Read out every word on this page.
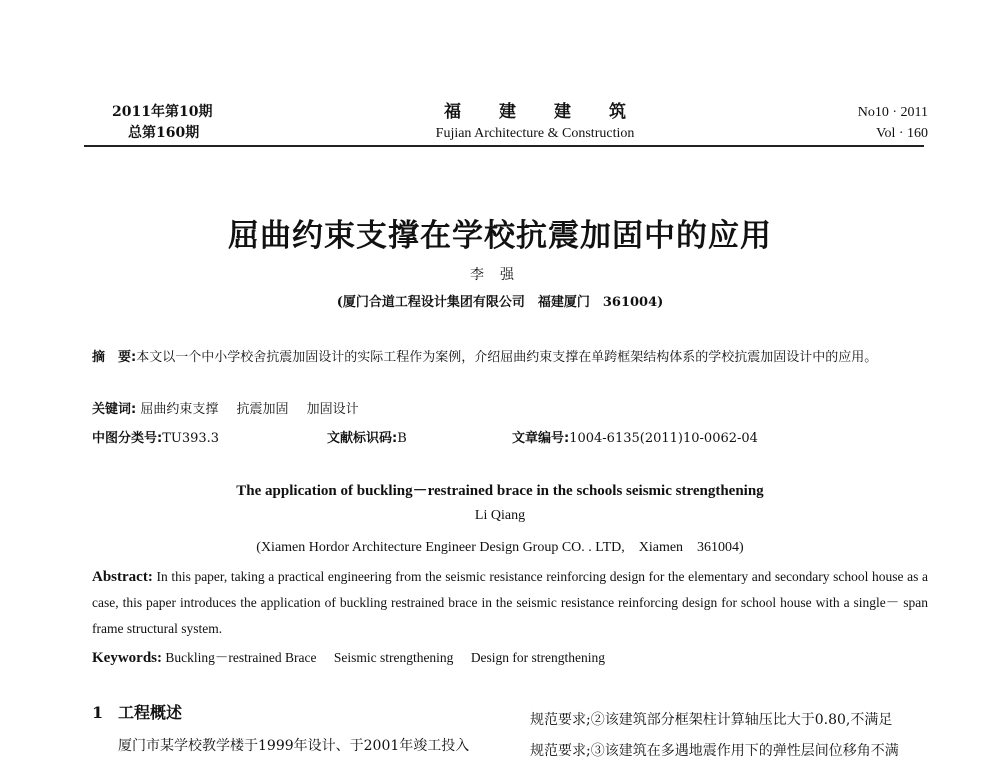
2011年第10期
总第160期
福建建筑
Fujian Architecture & Construction
No10 · 2011
Vol · 160
屈曲约束支撑在学校抗震加固中的应用
李强
(厦门合道工程设计集团有限公司　福建厦门　361004)
摘　要:本文以一个中小学校舍抗震加固设计的实际工程作为案例，介绍屈曲约束支撑在单跨框架结构体系的学校抗震加固设计中的应用。
关键词: 屈曲约束支撑 抗震加固 加固设计
中图分类号:TU393.3	文献标识码:B	文章编号:1004-6135(2011)10-0062-04
The application of buckling－restrained brace in the schools seismic strengthening
Li Qiang
(Xiamen Hordor Architecture Engineer Design Group CO. . LTD,　Xiamen　361004)
Abstract: In this paper, taking a practical engineering from the seismic resistance reinforcing design for the elementary and secondary school house as a case, this paper introduces the application of buckling restrained brace in the seismic resistance reinforcing design for school house with a single－ span frame structural system.
Keywords: Buckling－restrained Brace Seismic strengthening Design for strengthening
1 工程概述
厦门市某学校教学楼于1999年设计、于2001年竣工投入
规范要求;②该建筑部分框架柱计算轴压比大于0.80,不满足
规范要求;③该建筑在多遇地震作用下的弹性层间位移角不满
